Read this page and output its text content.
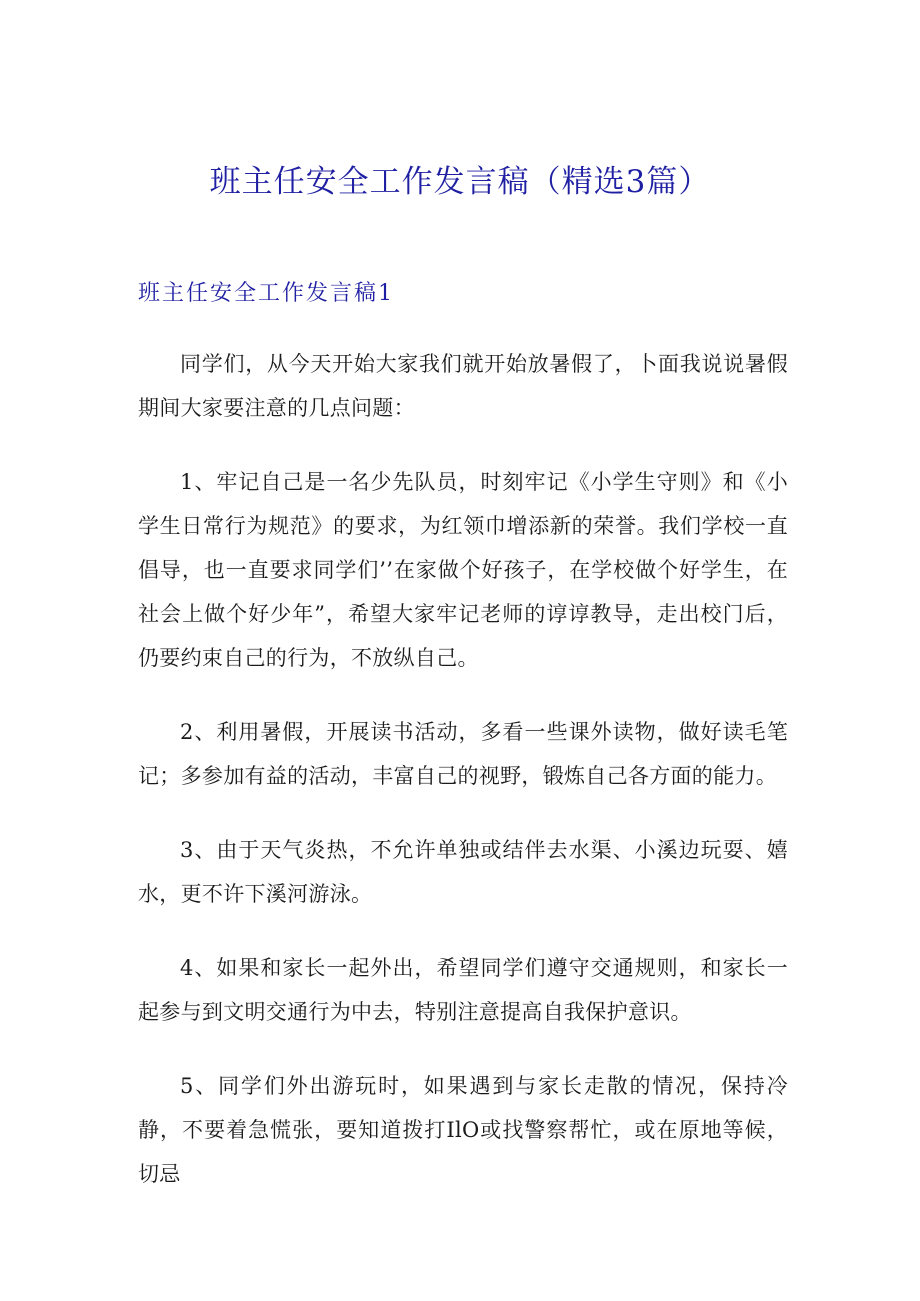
班主任安全工作发言稿（精选3篇）
班主任安全工作发言稿1

同学们，从今天开始大家我们就开始放暑假了，卜面我说说暑假期间大家要注意的几点问题：

1、牢记自己是一名少先队员，时刻牢记《小学生守则》和《小学生日常行为规范》的要求，为红领巾增添新的荣誉。我们学校一直倡导，也一直要求同学们’’在家做个好孩子，在学校做个好学生，在社会上做个好少年”，希望大家牢记老师的谆谆教导，走出校门后，仍要约束自己的行为，不放纵自己。

2、利用暑假，开展读书活动，多看一些课外读物，做好读毛笔记；多参加有益的活动，丰富自己的视野，锻炼自己各方面的能力。

3、由于天气炎热，不允许单独或结伴去水渠、小溪边玩耍、嬉水，更不许下溪河游泳。

4、如果和家长一起外出，希望同学们遵守交通规则，和家长一起参与到文明交通行为中去，特别注意提高自我保护意识。

5、同学们外出游玩时，如果遇到与家长走散的情况，保持冷静，不要着急慌张，要知道拨打IlO或找警察帮忙，或在原地等候，切忌
